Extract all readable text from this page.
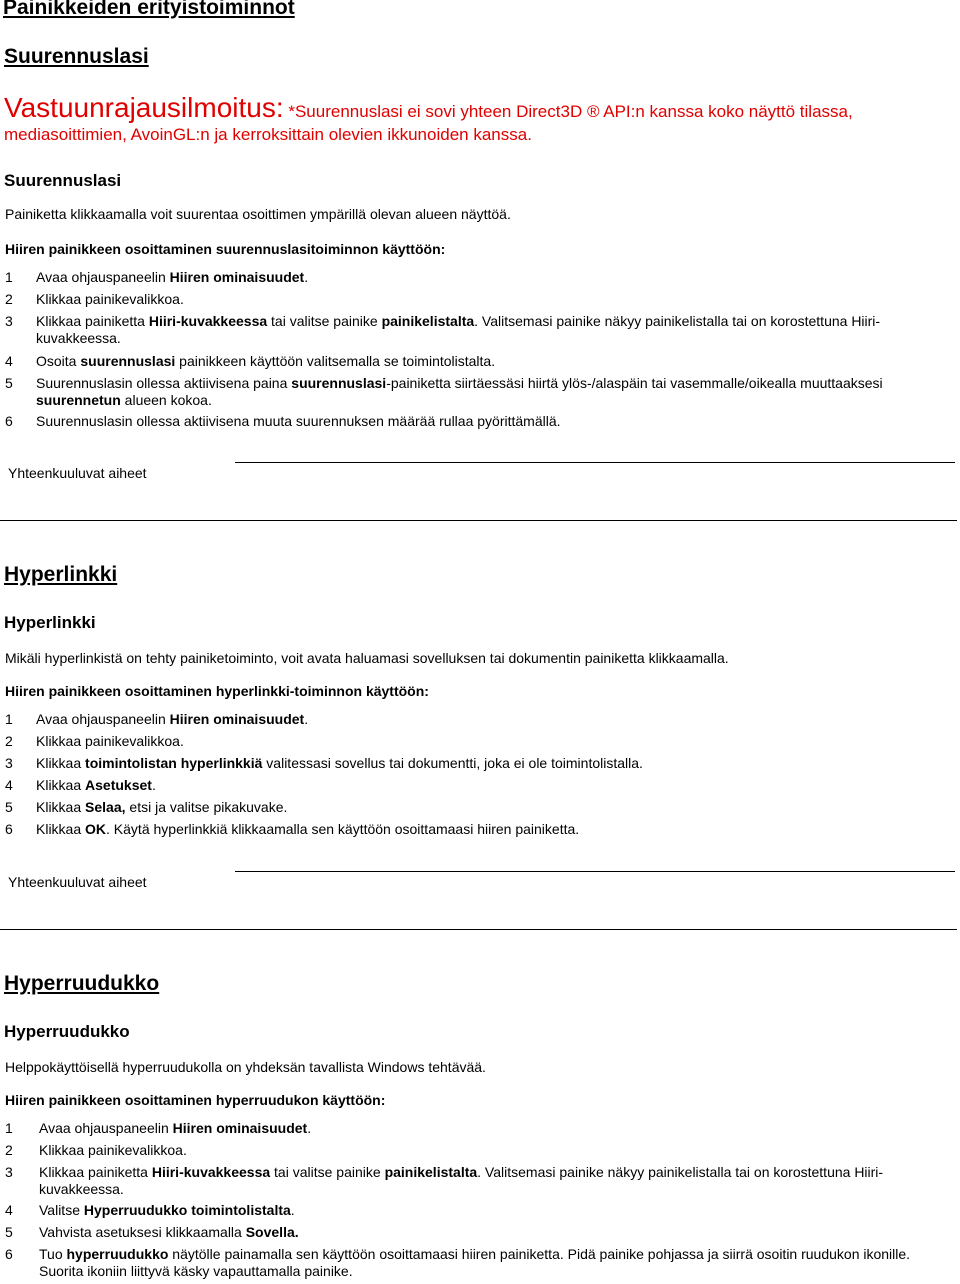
Painikkeiden erityistoiminnot
Suurennuslasi
Vastuunrajausilmoitus: *Suurennuslasi ei sovi yhteen Direct3D ® API:n kanssa koko näyttö tilassa, mediasoittimien, AvoinGL:n ja kerroksittain olevien ikkunoiden kanssa.
Suurennuslasi
Painiketta klikkaamalla voit suurentaa osoittimen ympärillä olevan alueen näyttöä.
Hiiren painikkeen osoittaminen suurennuslasitoiminnon käyttöön:
Yhteenkuuluvat aiheet
Hyperlinkki
Hyperlinkki
Mikäli hyperlinkistä on tehty painiketoiminto, voit avata haluamasi sovelluksen tai dokumentin painiketta klikkaamalla.
Hiiren painikkeen osoittaminen hyperlinkki-toiminnon käyttöön:
Yhteenkuuluvat aiheet
Hyperruudukko
Hyperruudukko
Helppokäyttöisellä hyperruudukolla on yhdeksän tavallista Windows tehtävää.
Hiiren painikkeen osoittaminen hyperruudukon käyttöön:
1 Avaa ohjauspaneelin Hiiren ominaisuudet.
2 Klikkaa painikevalikkoa.
3 Klikkaa painiketta Hiiri-kuvakkeessa tai valitse painike painikelistalta. Valitsemasi painike näkyy painikelistalla tai on korostettuna Hiiri-kuvakkeessa.
4 Osoita suurennuslasi painikkeen käyttöön valitsemalla se toimintolistalta.
5 Suurennuslasin ollessa aktiivisena paina suurennuslasi-painiketta siirtäessäsi hiirtä ylös-/alaspäin tai vasemmalle/oikealla muuttaaksesi suurennetun alueen kokoa.
6 Suurennuslasin ollessa aktiivisena muuta suurennuksen määrää rullaa pyörittämällä.
1 Avaa ohjauspaneelin Hiiren ominaisuudet.
2 Klikkaa painikevalikkoa.
3 Klikkaa toimintolistan hyperlinkkiä valitessasi sovellus tai dokumentti, joka ei ole toimintolistalla.
4 Klikkaa Asetukset.
5 Klikkaa Selaa, etsi ja valitse pikakuvake.
6 Klikkaa OK. Käytä hyperlinkkiä klikkaamalla sen käyttöön osoittamaasi hiiren painiketta.
1 Avaa ohjauspaneelin Hiiren ominaisuudet.
2 Klikkaa painikevalikkoa.
3 Klikkaa painiketta Hiiri-kuvakkeessa tai valitse painike painikelistalta. Valitsemasi painike näkyy painikelistalla tai on korostettuna Hiiri-kuvakkeessa.
4 Valitse Hyperruudukko toimintolistalta.
5 Vahvista asetuksesi klikkaamalla Sovella.
6 Tuo hyperruudukko näytölle painamalla sen käyttöön osoittamaasi hiiren painiketta. Pidä painike pohjassa ja siirrä osoitin ruudukon ikonille. Suorita ikoniin liittyvä käsky vapauttamalla painike.
